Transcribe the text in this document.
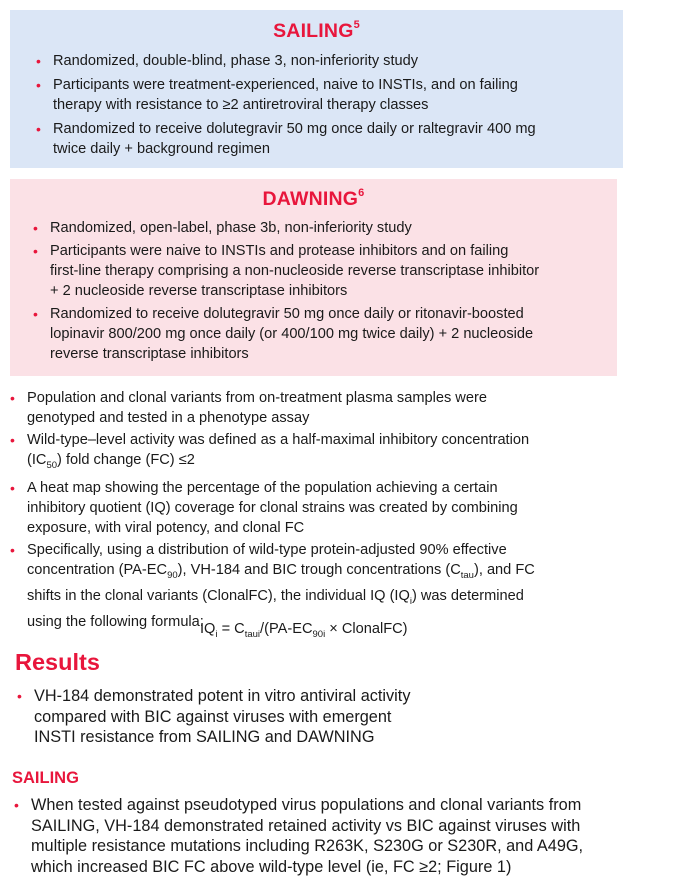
SAILING$^5$
• Randomized, double-blind, phase 3, non-inferiority study
• Participants were treatment-experienced, naive to INSTIs, and on failing
therapy with resistance to ≥2 antiretroviral therapy classes
• Randomized to receive dolutegravir 50 mg once daily or raltegravir 400 mg
twice daily + background regimen
DAWNING$^6$
• Randomized, open-label, phase 3b, non-inferiority study
• Participants were naive to INSTIs and protease inhibitors and on failing
first-line therapy comprising a non-nucleoside reverse transcriptase inhibitor
+ 2 nucleoside reverse transcriptase inhibitors
• Randomized to receive dolutegravir 50 mg once daily or ritonavir-boosted
lopinavir 800/200 mg once daily (or 400/100 mg twice daily) + 2 nucleoside
reverse transcriptase inhibitors
• Population and clonal variants from on-treatment plasma samples were
genotyped and tested in a phenotype assay
• Wild-type–level activity was defined as a half-maximal inhibitory concentration
$(IC_{50})$ fold change (FC) ≤2
• A heat map showing the percentage of the population achieving a certain
inhibitory quotient (IQ) coverage for clonal strains was created by combining
exposure, with viral potency, and clonal FC
• Specifically, using a distribution of wild-type protein-adjusted 90% effective
concentration $(PA-EC_{90})$, VH-184 and BIC trough concentrations $(C_{tau})$, and FC
shifts in the clonal variants (ClonalFC), the individual IQ $(IQ_i)$ was determined
using the following formula:
$IQ_i = C_{taui}/(PA-EC_{90i}$ × ClonalFC)
Results
• VH-184 demonstrated potent in vitro antiviral activity
compared with BIC against viruses with emergent
INSTI resistance from SAILING and DAWNING
SAILING
• When tested against pseudotyped virus populations and clonal variants from
SAILING, VH-184 demonstrated retained activity vs BIC against viruses with
multiple resistance mutations including R263K, S230G or S230R, and A49G,
which increased BIC FC above wild-type level (ie, FC ≥2; Figure 1)
